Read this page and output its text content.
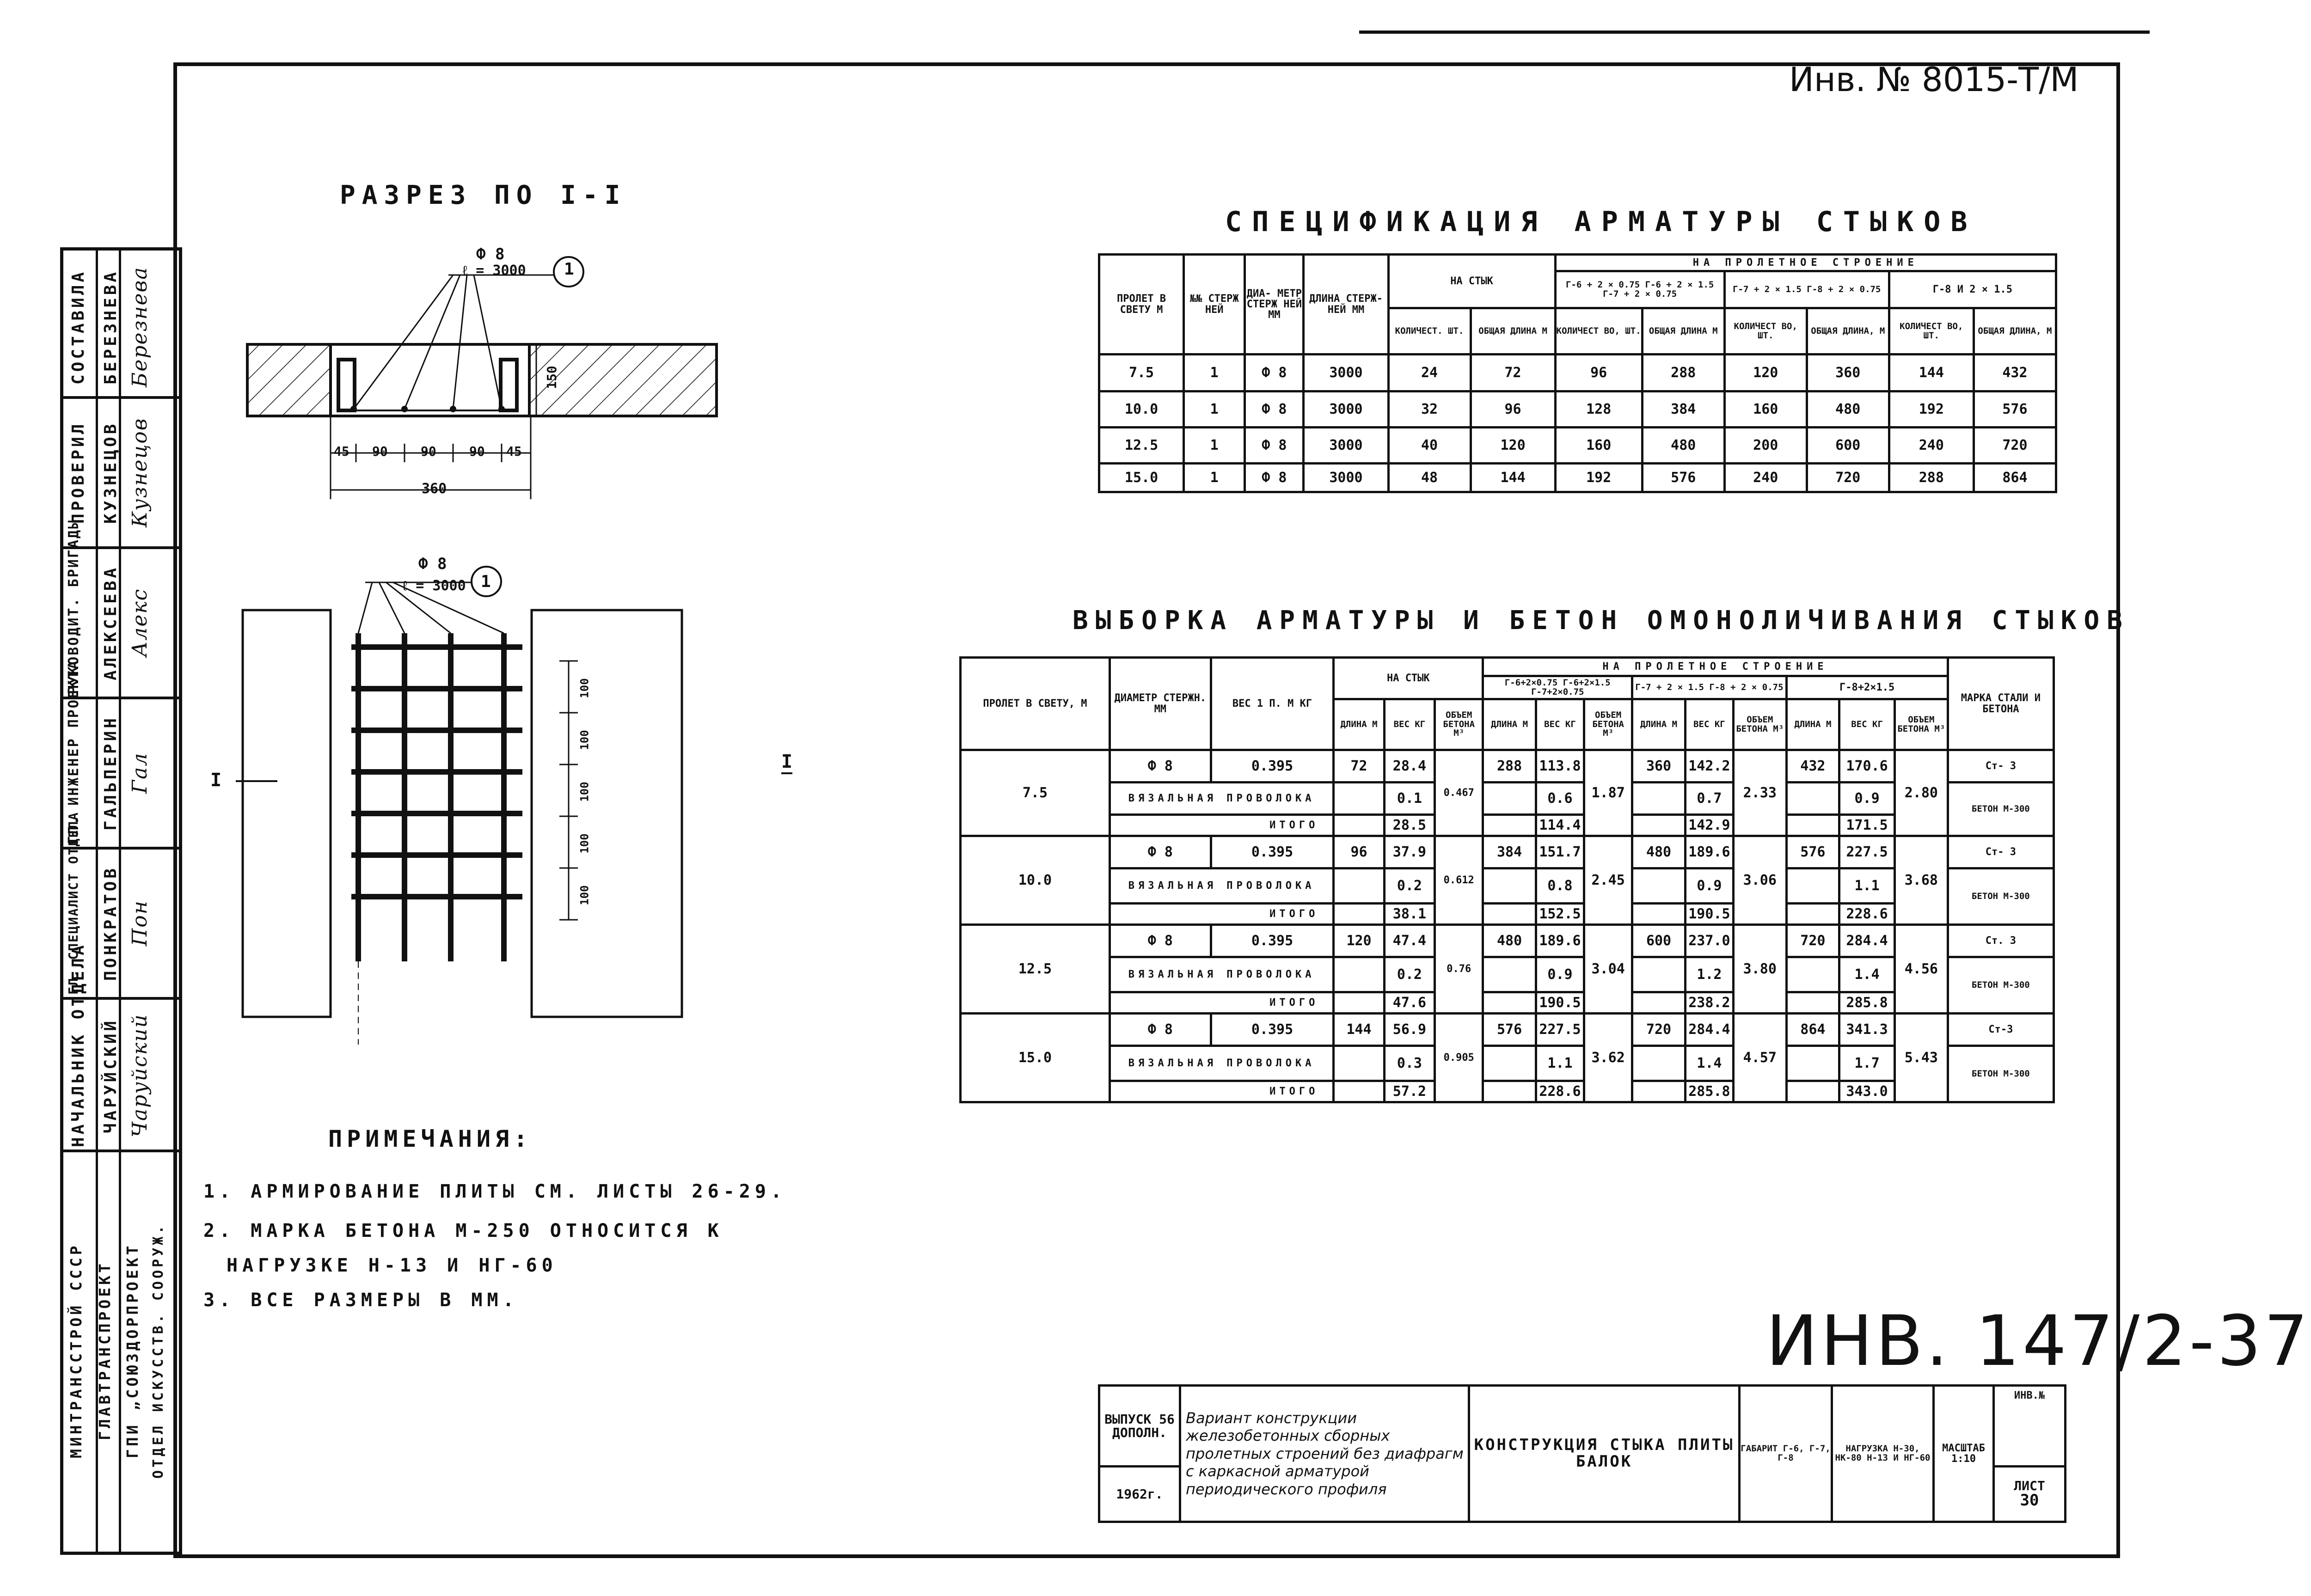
Инв. № 8015-Т/М
СОСТАВИЛА БЕРЕЗНЕВА Березнева
ПРОВЕРИЛ КУЗНЕЦОВ Кузнецов
РУКОВОДИТ. БРИГАДЫ АЛЕКСЕЕВА Алекс
ГЛ. ИНЖЕНЕР ПРОЕКТА ГАЛЬПЕРИН Гал
ГЛ. СПЕЦИАЛИСТ ОТДЕЛА ПОНКРАТОВ Пон
НАЧАЛЬНИК ОТДЕЛА ЧАРУЙСКИЙ Чаруйский
МИНТРАНССТРОЙ СССР ГЛАВТРАНСПРОЕКТ ГПИ „СОЮЗДОРПРОЕКТ ОТДЕЛ ИСКУССТВ. СООРУЖ.
РАЗРЕЗ ПО I-I
Ф 8
ℓ = 3000 1
150
45 90	90	90 45
360
Ф 8
ℓ = 3000 1
I
I
100
100
100
100
100
СПЕЦИФИКАЦИЯ АРМАТУРЫ СТЫКОВ
ПРОЛЕТ В СВЕТУ М	№№ СТЕРЖ НЕЙ	ДИА- МЕТР СТЕРЖ НЕЙ ММ	ДЛИНА СТЕРЖ- НЕЙ ММ	НА СТЫК		НА ПРОЛЕТНОЕ СТРОЕНИЕ					
						Г-6 + 2 × 0.75 Г-6 + 2 × 1.5 Г-7 + 2 × 0.75		Г-7 + 2 × 1.5 Г-8 + 2 × 0.75		Г-8 И 2 × 1.5	
				КОЛИЧЕСТ. ШТ.	ОБЩАЯ ДЛИНА М	КОЛИЧЕСТ ВО, ШТ.	ОБЩАЯ ДЛИНА М	КОЛИЧЕСТ ВО, ШТ.	ОБЩАЯ ДЛИНА, М	КОЛИЧЕСТ ВО, ШТ.	ОБЩАЯ ДЛИНА, М
7.5	1	Ф 8	3000	24	72	96	288	120	360	144	432
10.0	1	Ф 8	3000	32	96	128	384	160	480	192	576
12.5	1	Ф 8	3000	40	120	160	480	200	600	240	720
15.0	1	Ф 8	3000	48	144	192	576	240	720	288	864
ВЫБОРКА АРМАТУРЫ И БЕТОН ОМОНОЛИЧИВАНИЯ СТЫКОВ
ПРОЛЕТ В СВЕТУ, М	ДИАМЕТР СТЕРЖН. ММ	ВЕС 1 П. М КГ	НА СТЫК			НА ПРОЛЕТНОЕ СТРОЕНИЕ									МАРКА СТАЛИ И БЕТОНА
						Г-6+2×0.75 Г-6+2×1.5 Г-7+2×0.75			Г-7 + 2 × 1.5 Г-8 + 2 × 0.75			Г-8+2×1.5			
			ДЛИНА М	ВЕС КГ	ОБЪЕМ БЕТОНА М³	ДЛИНА М	ВЕС КГ	ОБЪЕМ БЕТОНА М³	ДЛИНА М	ВЕС КГ	ОБЪЕМ БЕТОНА М³	ДЛИНА М	ВЕС КГ	ОБЪЕМ БЕТОНА М³	
7.5	Ф 8	0.395	72	28.4	0.467	288	113.8	1.87	360	142.2	2.33	432	170.6	2.80	Ст- 3
	ВЯЗАЛЬНАЯ ПРОВОЛОКА			0.1			0.6			0.7			0.9		БЕТОН М-300
	ИТОГО			28.5			114.4			142.9			171.5		
10.0	Ф 8	0.395	96	37.9	0.612	384	151.7	2.45	480	189.6	3.06	576	227.5	3.68	Ст- 3
	ВЯЗАЛЬНАЯ ПРОВОЛОКА			0.2			0.8			0.9			1.1		БЕТОН М-300
	ИТОГО			38.1			152.5			190.5			228.6		
12.5	Ф 8	0.395	120	47.4	0.76	480	189.6	3.04	600	237.0	3.80	720	284.4	4.56	Ст. 3
	ВЯЗАЛЬНАЯ ПРОВОЛОКА			0.2			0.9			1.2			1.4		БЕТОН М-300
	ИТОГО			47.6			190.5			238.2			285.8		
15.0	Ф 8	0.395	144	56.9	0.905	576	227.5	3.62	720	284.4	4.57	864	341.3	5.43	Ст-3
	ВЯЗАЛЬНАЯ ПРОВОЛОКА			0.3			1.1			1.4			1.7		БЕТОН М-300
	ИТОГО			57.2			228.6			285.8			343.0		
ПРИМЕЧАНИЯ:
1. АРМИРОВАНИЕ ПЛИТЫ СМ. ЛИСТЫ 26-29.
2. МАРКА БЕТОНА М-250 ОТНОСИТСЯ К
НАГРУЗКЕ Н-13 И НГ-60
3. ВСЕ РАЗМЕРЫ В ММ.
ИНВ. 147/2-37
ВЫПУСК 56 ДОПОЛН.	Вариант конструкции железобетонных сборных пролетных строений без диафрагм с каркасной арматурой периодического профиля	КОНСТРУКЦИЯ СТЫКА ПЛИТЫ БАЛОК	ГАБАРИТ Г-6, Г-7, Г-8	НАГРУЗКА Н-30, НК-80 Н-13 И НГ-60	МАСШТАБ
1:10	ИНВ.№
1962г.						ЛИСТ
30
